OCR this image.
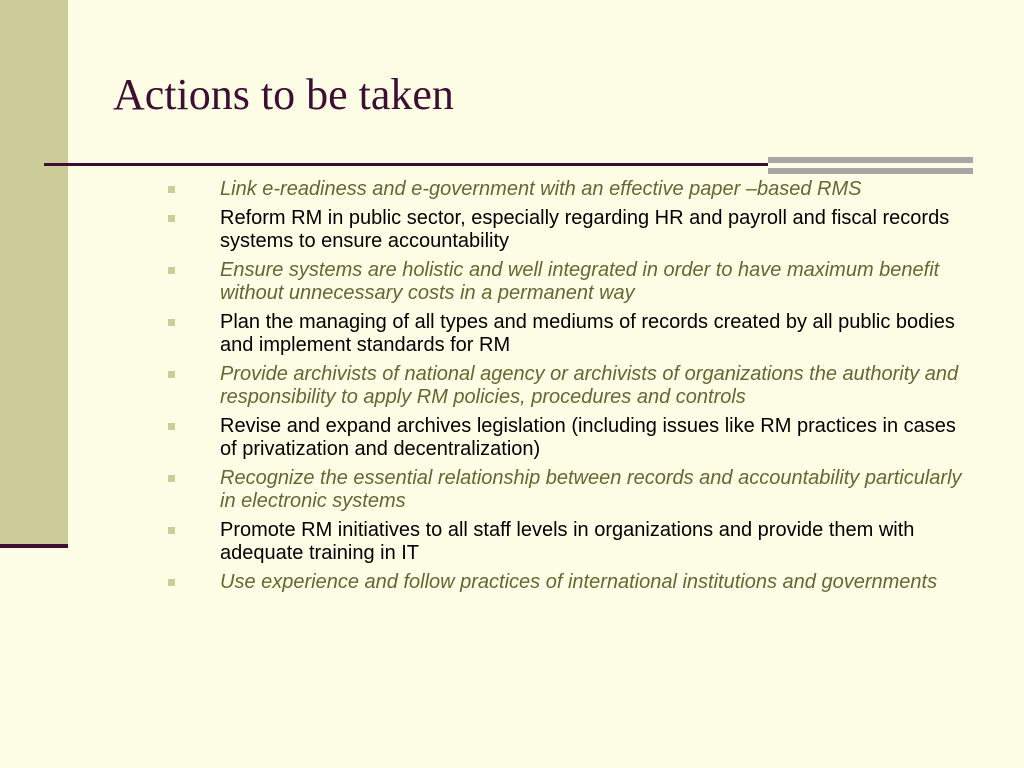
Actions to be taken
Link e-readiness and e-government with an effective paper –based RMS
Reform RM in public sector, especially regarding HR and payroll and fiscal records systems to ensure accountability
Ensure systems are holistic and well integrated in order to have maximum benefit without unnecessary costs in a permanent way
Plan the managing of all types and mediums of records created by all public bodies and implement standards for RM
Provide archivists of national agency or archivists of organizations the authority and responsibility to apply RM policies, procedures and controls
Revise and expand archives legislation (including issues like RM practices in cases of privatization and decentralization)
Recognize the essential relationship between records and accountability particularly in electronic systems
Promote RM initiatives to all staff levels in organizations and provide them with adequate training in IT
Use experience and follow practices of international institutions and governments
